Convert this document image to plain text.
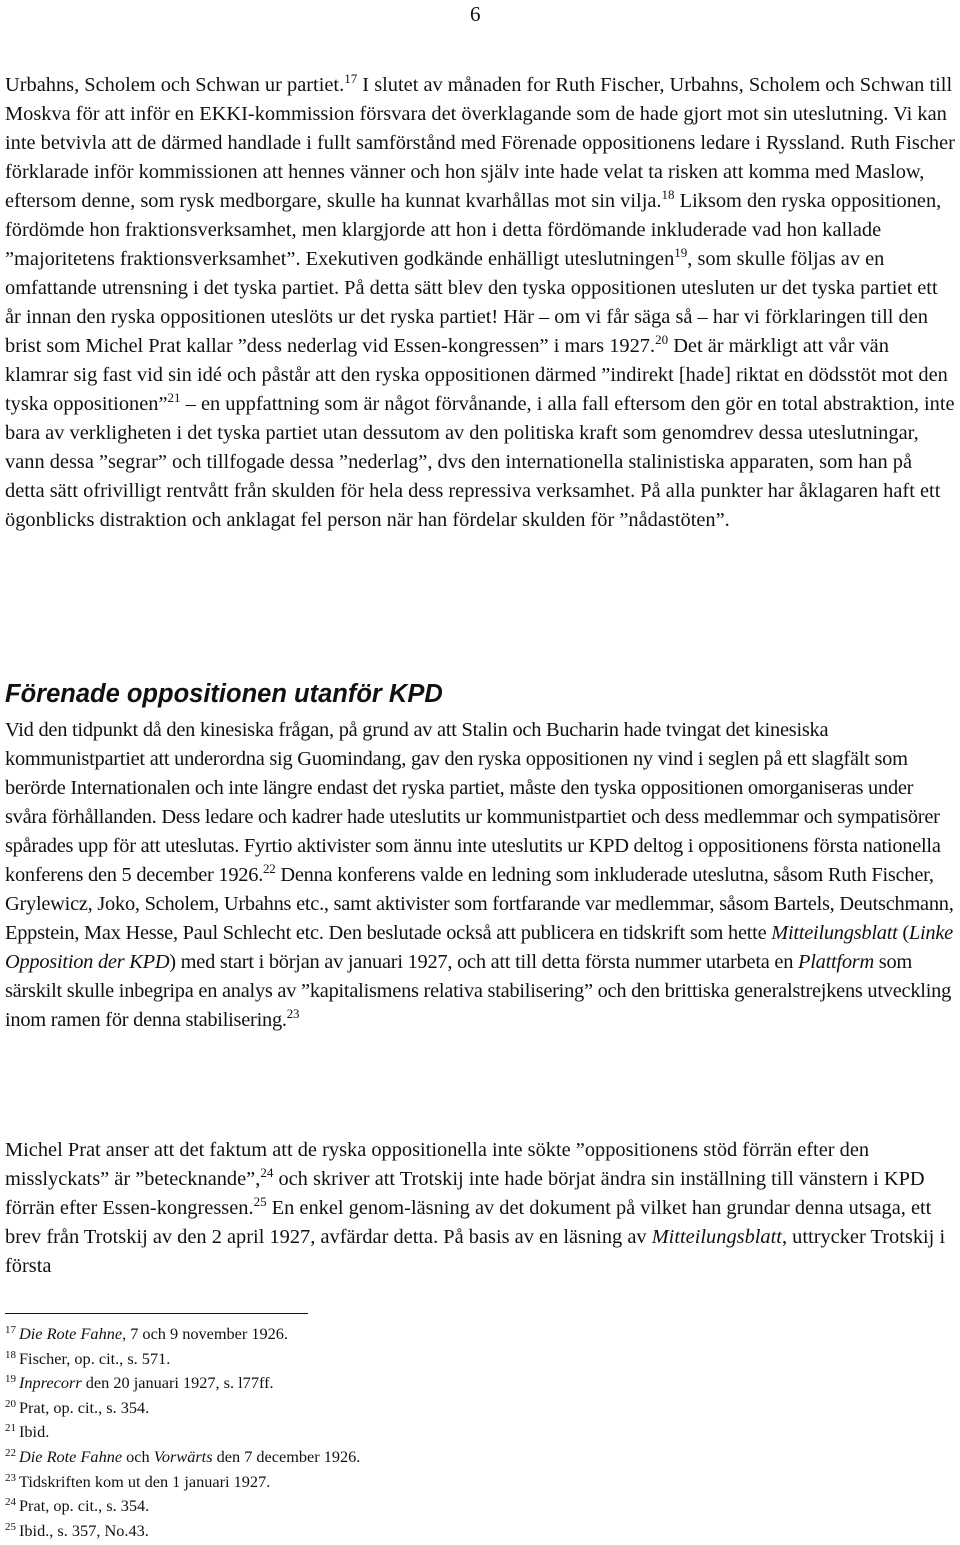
6

Urbahns, Scholem och Schwan ur partiet.$^{17}$ I slutet av månaden for Ruth Fischer, Urbahns, Scholem och Schwan till Moskva för att inför en EKKI-kommission försvara det överklagande som de hade gjort mot sin uteslutning. Vi kan inte betvivla att de därmed handlade i fullt samförstånd med Förenade oppositionens ledare i Ryssland. Ruth Fischer förklarade inför kommissionen att hennes vänner och hon själv inte hade velat ta risken att komma med Maslow, eftersom denne, som rysk medborgare, skulle ha kunnat kvarhållas mot sin vilja.$^{18}$ Liksom den ryska oppositionen, fördömde hon fraktionsverksamhet, men klargjorde att hon i detta fördömande inkluderade vad hon kallade ”majoritetens fraktionsverksamhet”. Exekutiven godkände enhälligt uteslutningen$^{19}$, som skulle följas av en omfattande utrensning i det tyska partiet. På detta sätt blev den tyska oppositionen utesluten ur det tyska partiet ett år innan den ryska oppositionen uteslöts ur det ryska partiet! Här – om vi får säga så – har vi förklaringen till den brist som Michel Prat kallar ”dess nederlag vid Essen-kongressen” i mars 1927.20 Det är märkligt att vår vän klamrar sig fast vid sin idé och påstår att den ryska oppositionen därmed ”indirekt [hade] riktat en dödsstöt mot den tyska oppositionen”$^{21}$ – en uppfattning som är något förvånande, i alla fall eftersom den gör en total abstraktion, inte bara av verkligheten i det tyska partiet utan dessutom av den politiska kraft som genomdrev dessa uteslutningar, vann dessa ”segrar” och tillfogade dessa ”nederlag”, dvs den internationella stalinistiska apparaten, som han på detta sätt ofrivilligt rentvått från skulden för hela dess repressiva verksamhet. På alla punkter har åklagaren haft ett ögonblicks distraktion och anklagat fel person när han fördelar skulden för ”nådastöten”.

Förenade oppositionen utanför KPD

Vid den tidpunkt då den kinesiska frågan, på grund av att Stalin och Bucharin hade tvingat det kinesiska kommunistpartiet att underordna sig Guomindang, gav den ryska oppositionen ny vind i seglen på ett slagfält som berörde Internationalen och inte längre endast det ryska partiet, måste den tyska oppositionen omorganiseras under svåra förhållanden. Dess ledare och kadrer hade uteslutits ur kommunistpartiet och dess medlemmar och sympatisörer spårades upp för att uteslutas. Fyrtio aktivister som ännu inte uteslutits ur KPD deltog i oppositionens första nationella konferens den 5 december 1926.22 Denna konferens valde en ledning som inkluderade uteslutna, såsom Ruth Fischer, Grylewicz, Joko, Scholem, Urbahns etc., samt aktivister som fortfarande var medlemmar, såsom Bartels, Deutschmann, Eppstein, Max Hesse, Paul Schlecht etc. Den beslutade också att publicera en tidskrift som hette Mitteilungsblatt (Linke Opposition der KPD) med start i början av januari 1927, och att till detta första nummer utarbeta en Plattform som särskilt skulle inbegripa en analys av ”kapitalismens relativa stabilisering” och den brittiska generalstrejkens utveckling inom ramen för denna stabilisering.$^{23}$

Michel Prat anser att det faktum att de ryska oppositionella inte sökte ”oppositionens stöd förrän efter den misslyckats” är ”betecknande”,$^{24}$ och skriver att Trotskij inte hade börjat ändra sin inställning till vänstern i KPD förrän efter Essen-kongressen.$^{25}$ En enkel genom-läsning av det dokument på vilket han grundar denna utsaga, ett brev från Trotskij av den 2 april 1927, avfärdar detta. På basis av en läsning av Mitteilungsblatt, uttrycker Trotskij i första

$^{17}$ Die Rote Fahne, 7 och 9 november 1926.
$^{18}$ Fischer, op. cit., s. 571.
$^{19}$ Inprecorr den 20 januari 1927, s. l77ff.
$^{20}$ Prat, op. cit., s. 354.
$^{21}$ Ibid.
$^{22}$ Die Rote Fahne och Vorwärts den 7 december 1926.
$^{23}$ Tidskriften kom ut den 1 januari 1927.
$^{24}$ Prat, op. cit., s. 354.
$^{25}$ Ibid., s. 357, No.43.
